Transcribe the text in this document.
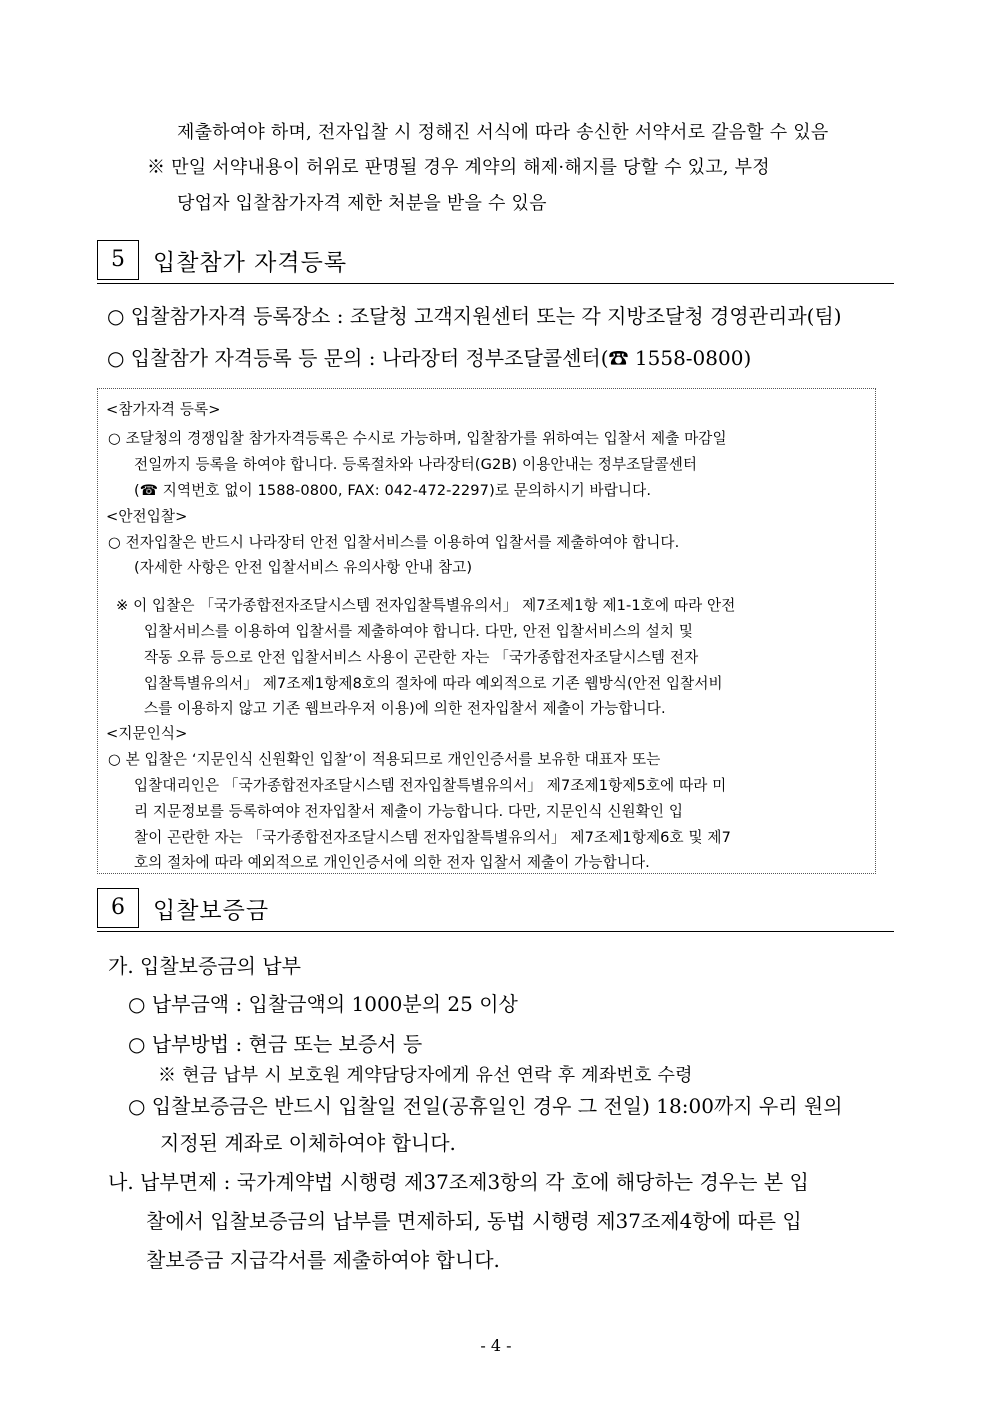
제출하여야 하며, 전자입찰 시 정해진 서식에 따라 송신한 서약서로 갈음할 수 있음
※ 만일 서약내용이 허위로 판명될 경우 계약의 해제·해지를 당할 수 있고, 부정
당업자 입찰참가자격 제한 처분을 받을 수 있음
5	입찰참가 자격등록
○ 입찰참가자격 등록장소 : 조달청 고객지원센터 또는 각 지방조달청 경영관리과(팀)
○ 입찰참가 자격등록 등 문의 : 나라장터 정부조달콜센터(☎ 1558-0800)
<참가자격 등록>
○ 조달청의 경쟁입찰 참가자격등록은 수시로 가능하며, 입찰참가를 위하여는 입찰서 제출 마감일
전일까지 등록을 하여야 합니다. 등록절차와 나라장터(G2B) 이용안내는 정부조달콜센터
(☎ 지역번호 없이 1588-0800, FAX: 042-472-2297)로 문의하시기 바랍니다.
<안전입찰>
○ 전자입찰은 반드시 나라장터 안전 입찰서비스를 이용하여 입찰서를 제출하여야 합니다.
(자세한 사항은 안전 입찰서비스 유의사항 안내 참고)
※ 이 입찰은 「국가종합전자조달시스템 전자입찰특별유의서」 제7조제1항 제1-1호에 따라 안전
입찰서비스를 이용하여 입찰서를 제출하여야 합니다. 다만, 안전 입찰서비스의 설치 및
작동 오류 등으로 안전 입찰서비스 사용이 곤란한 자는 「국가종합전자조달시스템 전자
입찰특별유의서」 제7조제1항제8호의 절차에 따라 예외적으로 기존 웹방식(안전 입찰서비
스를 이용하지 않고 기존 웹브라우저 이용)에 의한 전자입찰서 제출이 가능합니다.
<지문인식>
○ 본 입찰은 ‘지문인식 신원확인 입찰’이 적용되므로 개인인증서를 보유한 대표자 또는
입찰대리인은 「국가종합전자조달시스템 전자입찰특별유의서」 제7조제1항제5호에 따라 미
리 지문정보를 등록하여야 전자입찰서 제출이 가능합니다. 다만, 지문인식 신원확인 입
찰이 곤란한 자는 「국가종합전자조달시스템 전자입찰특별유의서」 제7조제1항제6호 및 제7
호의 절차에 따라 예외적으로 개인인증서에 의한 전자 입찰서 제출이 가능합니다.
6	입찰보증금
가. 입찰보증금의 납부
○ 납부금액 : 입찰금액의 1000분의 25 이상
○ 납부방법 : 현금 또는 보증서 등
※ 현금 납부 시 보호원 계약담당자에게 유선 연락 후 계좌번호 수령
○ 입찰보증금은 반드시 입찰일 전일(공휴일인 경우 그 전일) 18:00까지 우리 원의
지정된 계좌로 이체하여야 합니다.
나. 납부면제 : 국가계약법 시행령 제37조제3항의 각 호에 해당하는 경우는 본 입
찰에서 입찰보증금의 납부를 면제하되, 동법 시행령 제37조제4항에 따른 입
찰보증금 지급각서를 제출하여야 합니다.
- 4 -
